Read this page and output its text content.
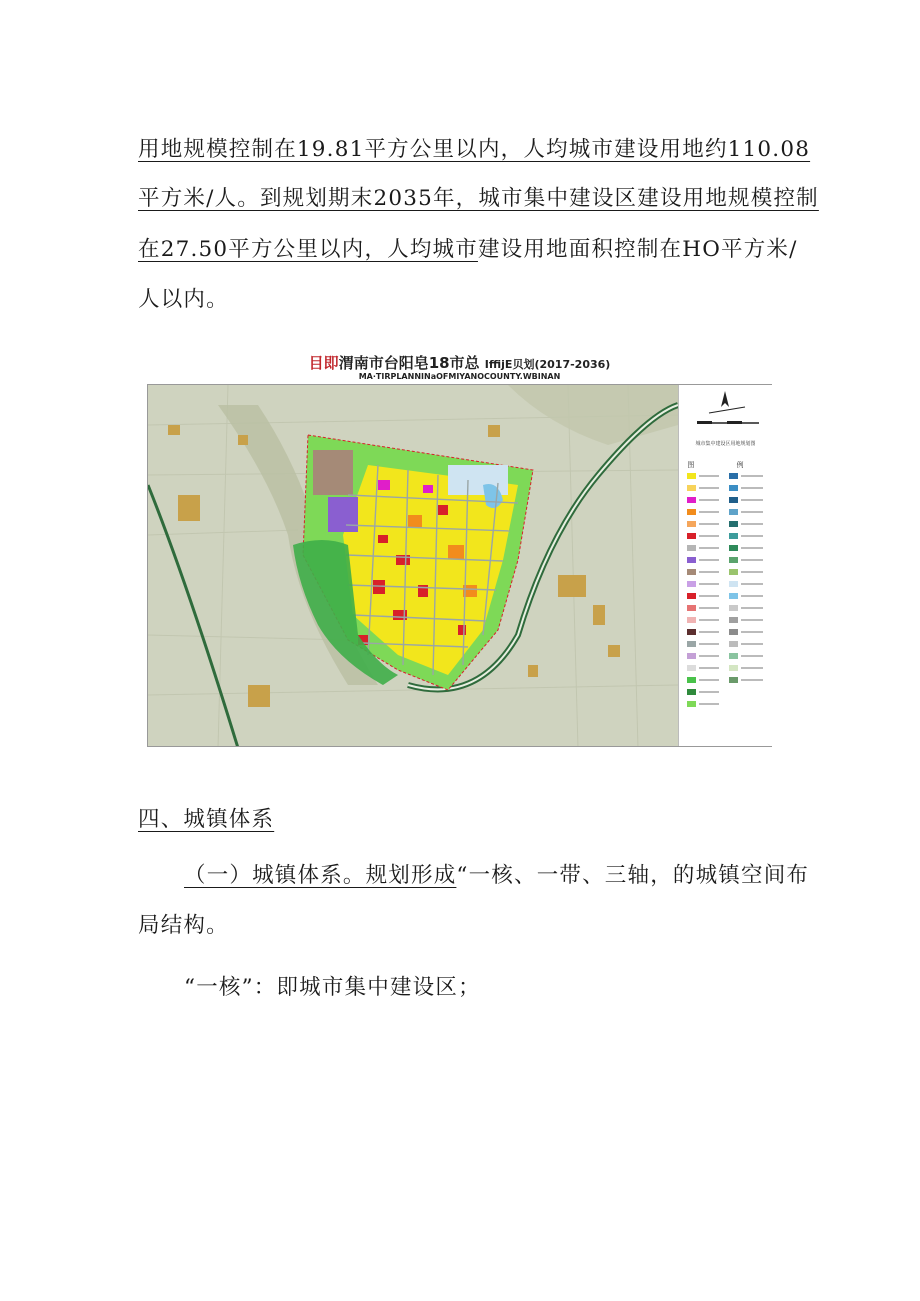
用地规模控制在19.81平方公里以内，人均城市建设用地约110.08
平方米/人。到规划期末2035年，城市集中建设区建设用地规模控制
在27.50平方公里以内，人均城市建设用地面积控制在HO平方米/
人以内。
目即渭南市台阳皂18市总 IffijE贝划(2017-2036)
MA·TIRPLANNINaOFMIYANOCOUNTY.WBINAN
城市集中建设区用地规划图
图 例
四、城镇体系
（一）城镇体系。规划形成“一核、一带、三轴，的城镇空间布
局结构。
“一核”：即城市集中建设区；
